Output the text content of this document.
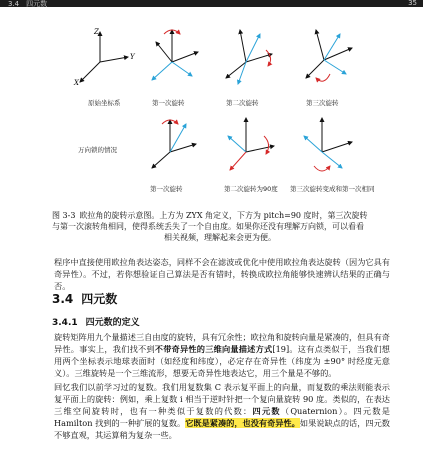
3.4　四元数	35
Z
Y
X
原始坐标系	第一次旋转	第二次旋转	第三次旋转
万向锁的情况
第一次旋转	第二次旋转为90度 第三次旋转变成和第一次相同
图 3-3 欧拉角的旋转示意图。上方为 ZYX 角定义，下方为 pitch=90 度时，第三次旋转
与第一次滚转角相同，使得系统丢失了一个自由度。如果你还没有理解万向锁，可以看看
相关视频，理解起来会更为便。
程序中直接使用欧拉角表达姿态，同样不会在滤波或优化中使用欧拉角表达旋转（因为它具有奇异性）。不过，若你想验证自己算法是否有错时，转换成欧拉角能够快速辨认结果的正确与否。
3.4 四元数
3.4.1 四元数的定义
旋转矩阵用九个量描述三自由度的旋转，具有冗余性；欧拉角和旋转向量是紧凑的，但具有奇异性。事实上，我们找不到不带奇异性的三维向量描述方式[19]。这有点类似于，当我们想用两个坐标表示地球表面时（如经度和纬度），必定存在奇异性（纬度为 ±90° 时经度无意义）。三维旋转是一个三维流形，想要无奇异性地表达它，用三个量是不够的。
回忆我们以前学习过的复数。我们用复数集 C 表示复平面上的向量，而复数的乘法则能表示复平面上的旋转：例如，乘上复数 i 相当于逆时针把一个复向量旋转 90 度。类似的，在表达三维空间旋转时，也有一种类似于复数的代数：四元数（Quaternion）。四元数是 Hamilton 找到的一种扩展的复数。它既是紧凑的，也没有奇异性。如果说缺点的话，四元数不够直观，其运算稍为复杂一些。
